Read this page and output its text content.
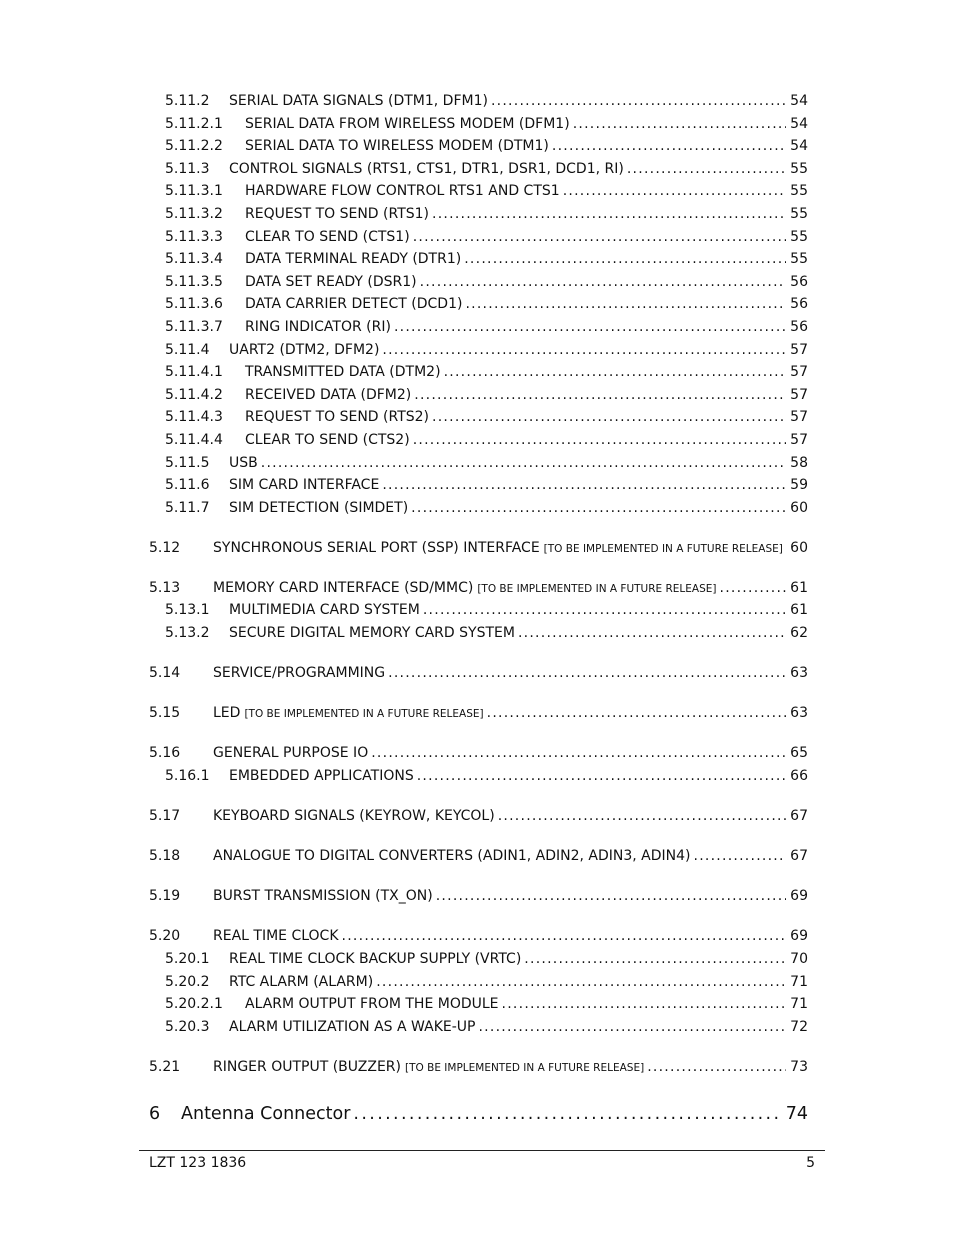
5.11.2 SERIAL DATA SIGNALS (DTM1, DFM1) . . .	54
5.11.2.1 SERIAL DATA FROM WIRELESS MODEM (DFM1) . . .	54
5.11.2.2 SERIAL DATA TO WIRELESS MODEM (DTM1) . . .	54
5.11.3 CONTROL SIGNALS (RTS1, CTS1, DTR1, DSR1, DCD1, RI) . . .	55
5.11.3.1 HARDWARE FLOW CONTROL RTS1 AND CTS1 . . .	55
5.11.3.2 REQUEST TO SEND (RTS1) . . .	55
5.11.3.3 CLEAR TO SEND (CTS1) . . .	55
5.11.3.4 DATA TERMINAL READY (DTR1) . . .	55
5.11.3.5 DATA SET READY (DSR1) . . .	56
5.11.3.6 DATA CARRIER DETECT (DCD1) . . .	56
5.11.3.7 RING INDICATOR (RI) . . .	56
5.11.4 UART2 (DTM2, DFM2) . . .	57
5.11.4.1 TRANSMITTED DATA (DTM2) . . .	57
5.11.4.2 RECEIVED DATA (DFM2) . . .	57
5.11.4.3 REQUEST TO SEND (RTS2) . . .	57
5.11.4.4 CLEAR TO SEND (CTS2) . . .	57
5.11.5 USB . . .	58
5.11.6 SIM CARD INTERFACE . . .	59
5.11.7 SIM DETECTION (SIMDET) . . .	60
5.12 SYNCHRONOUS SERIAL PORT (SSP) INTERFACE [TO BE IMPLEMENTED IN A FUTURE RELEASE] . . . 60
5.13 MEMORY CARD INTERFACE (SD/MMC) [TO BE IMPLEMENTED IN A FUTURE RELEASE] . . .	61
5.13.1 MULTIMEDIA CARD SYSTEM . . .	61
5.13.2 SECURE DIGITAL MEMORY CARD SYSTEM . . .	62
5.14 SERVICE/PROGRAMMING . . .	63
5.15 LED [TO BE IMPLEMENTED IN A FUTURE RELEASE] . . .	63
5.16 GENERAL PURPOSE IO . . .	65
5.16.1 EMBEDDED APPLICATIONS . . .	66
5.17 KEYBOARD SIGNALS (KEYROW, KEYCOL) . . .	67
5.18 ANALOGUE TO DIGITAL CONVERTERS (ADIN1, ADIN2, ADIN3, ADIN4) . . .	67
5.19 BURST TRANSMISSION (TX_ON) . . .	69
5.20 REAL TIME CLOCK . . .	69
5.20.1 REAL TIME CLOCK BACKUP SUPPLY (VRTC) . . .	70
5.20.2 RTC ALARM (ALARM) . . .	71
5.20.2.1 ALARM OUTPUT FROM THE MODULE . . .	71
5.20.3 ALARM UTILIZATION AS A WAKE-UP . . .	72
5.21 RINGER OUTPUT (BUZZER) [TO BE IMPLEMENTED IN A FUTURE RELEASE] . . .	73
6 Antenna Connector . . .	74
LZT 123 1836	5
